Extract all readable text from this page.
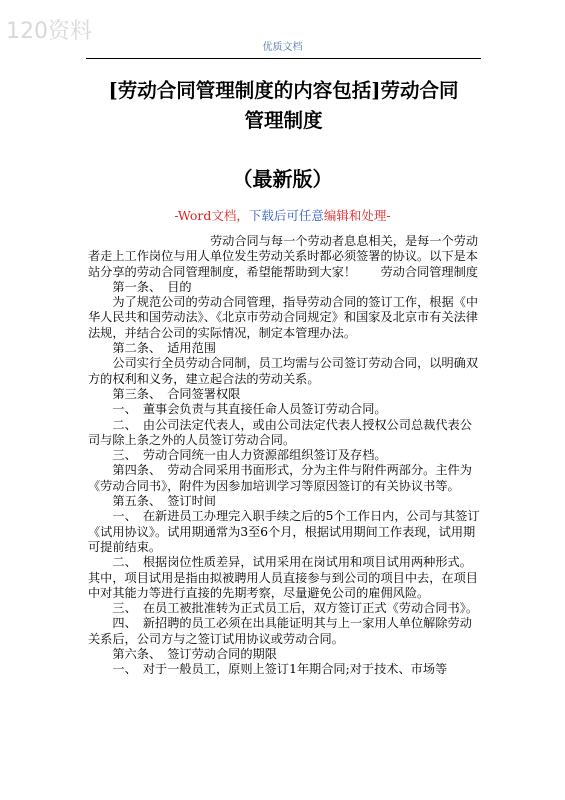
120资料
优质文档
[劳动合同管理制度的内容包括]劳动合同
管理制度
（最新版）
-Word文档，下载后可任意编辑和处理-

劳动合同与每一个劳动者息息相关，是每一个劳动者走上工作岗位与用人单位发生劳动关系时都必须签署的协议。以下是本站分享的劳动合同管理制度，希望能帮助到大家！　　劳动合同管理制度

第一条、　目的

为了规范公司的劳动合同管理，指导劳动合同的签订工作，根据《中华人民共和国劳动法》、《北京市劳动合同规定》和国家及北京市有关法律法规，并结合公司的实际情况，制定本管理办法。

第二条、　适用范围

公司实行全员劳动合同制，员工均需与公司签订劳动合同，以明确双方的权利和义务，建立起合法的劳动关系。

第三条、　合同签署权限

一、　董事会负责与其直接任命人员签订劳动合同。

二、　由公司法定代表人，或由公司法定代表人授权公司总裁代表公司与除上条之外的人员签订劳动合同。

三、　劳动合同统一由人力资源部组织签订及存档。

第四条、　劳动合同采用书面形式，分为主件与附件两部分。主件为《劳动合同书》，附件为因参加培训学习等原因签订的有关协议书等。

第五条、　签订时间

一、　在新进员工办理完入职手续之后的5个工作日内，公司与其签订《试用协议》。试用期通常为3至6个月，根据试用期间工作表现，试用期可提前结束。

二、　根据岗位性质差异，试用采用在岗试用和项目试用两种形式。其中，项目试用是指由拟被聘用人员直接参与到公司的项目中去，在项目中对其能力等进行直接的先期考察，尽量避免公司的雇佣风险。

三、　在员工被批准转为正式员工后，双方签订正式《劳动合同书》。

四、　新招聘的员工必须在出具能证明其与上一家用人单位解除劳动关系后，公司方与之签订试用协议或劳动合同。

第六条、　签订劳动合同的期限

一、　对于一般员工，原则上签订1年期合同;对于技术、市场等
